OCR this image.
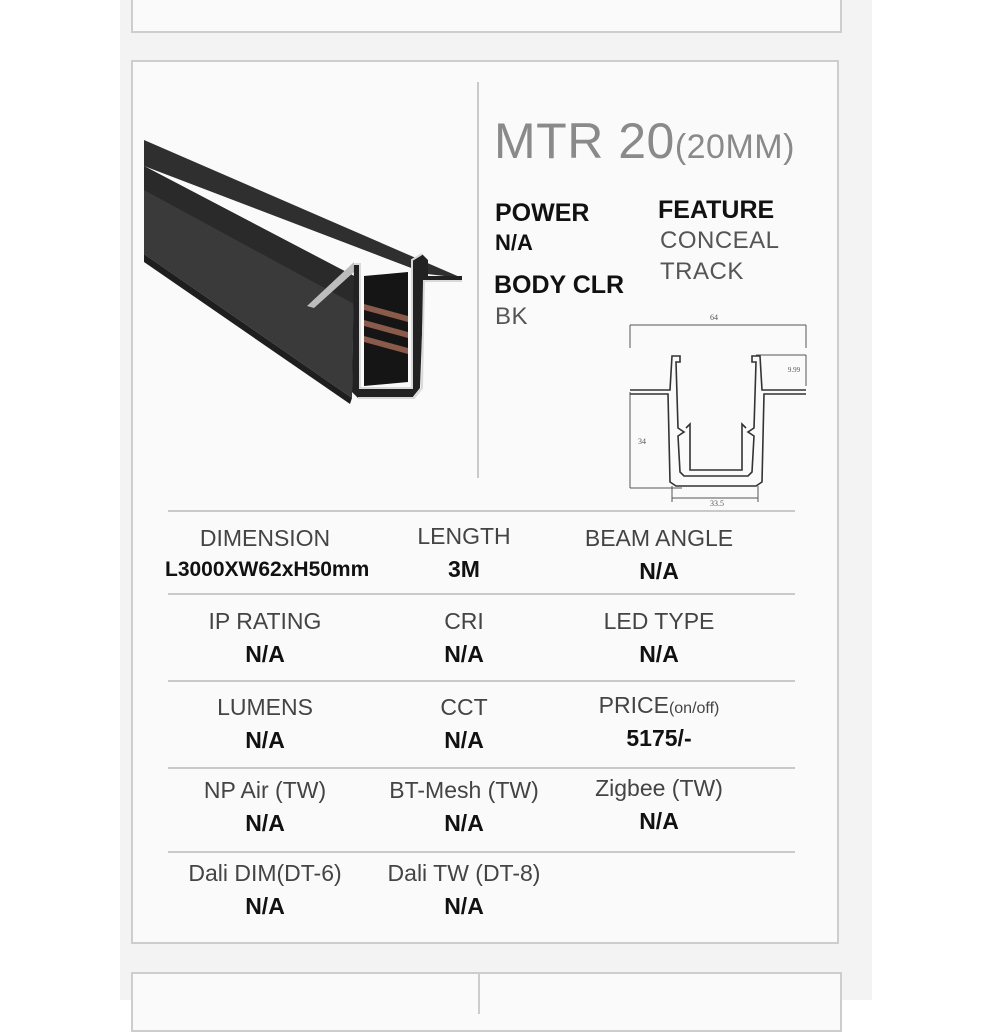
MTR 20(20MM)
POWER
N/A
FEATURE
CONCEAL
TRACK
BODY CLR
BK	64
9.99
34
33.5
DIMENSION
L3000XW62xH50mm
LENGTH
3M
BEAM ANGLE
N/A
IP RATING
N/A
CRI
N/A
LED TYPE
N/A
LUMENS
N/A
CCT
N/A
PRICE(on/off)
5175/-
NP Air (TW)
N/A
BT-Mesh (TW)
N/A
Zigbee (TW)
N/A
Dali DIM(DT-6)
N/A
Dali TW (DT-8)
N/A
